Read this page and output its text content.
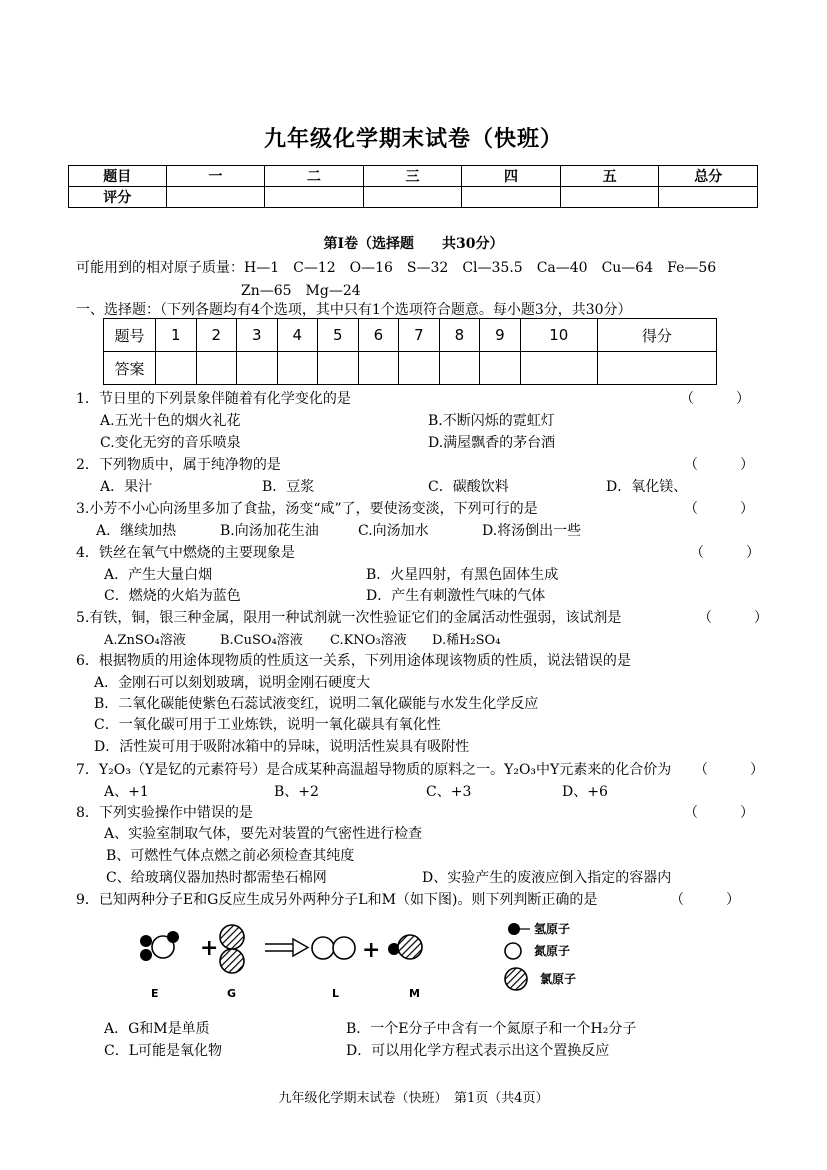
九年级化学期末试卷（快班）
题目	一	二	三	四	五	总分
评分						
第Ⅰ卷（选择题　　共30分）
可能用到的相对原子质量：H—1　C—12　O—16　S—32　Cl—35.5　Ca—40　Cu—64　Fe—56
Zn—65　Mg—24
一、选择题：（下列各题均有4个选项，其中只有1个选项符合题意。每小题3分，共30分）
题号	1	2	3	4	5	6	7	8	9	10	得分
答案											
1．节日里的下列景象伴随着有化学变化的是	（　　　）
A.五光十色的烟火礼花	B.不断闪烁的霓虹灯
C.变化无穷的音乐喷泉	D.满屋飘香的茅台酒
2．下列物质中，属于纯净物的是	（　　　）
A．果汁	B．豆浆	C．碳酸饮料	D．氧化镁、
3.小芳不小心向汤里多加了食盐，汤变“咸”了，要使汤变淡，下列可行的是	（　　　）
A．继续加热	B.向汤加花生油	C.向汤加水	D.将汤倒出一些
4．铁丝在氧气中燃烧的主要现象是	（　　　）
A．产生大量白烟	B．火星四射，有黑色固体生成
C．燃烧的火焰为蓝色	D．产生有刺激性气味的气体
5.有铁，铜，银三种金属，限用一种试剂就一次性验证它们的金属活动性强弱，该试剂是	（　　　）
A.ZnSO₄溶液	B.CuSO₄溶液 C.KNO₃溶液 D.稀H₂SO₄
6．根据物质的用途体现物质的性质这一关系，下列用途体现该物质的性质，说法错误的是
A．金刚石可以刻划玻璃，说明金刚石硬度大
B．二氧化碳能使紫色石蕊试液变红，说明二氧化碳能与水发生化学反应
C．一氧化碳可用于工业炼铁，说明一氧化碳具有氧化性
D．活性炭可用于吸附冰箱中的异味，说明活性炭具有吸附性
7．Y₂O₃（Y是钇的元素符号）是合成某种高温超导物质的原料之一。Y₂O₃中Y元素来的化合价为 （　　　）
A、+1	B、+2	C、+3	D、+6
8．下列实验操作中错误的是	（　　　）
A、实验室制取气体，要先对装置的气密性进行检查
B、可燃性气体点燃之前必须检查其纯度
C、给玻璃仪器加热时都需垫石棉网	D、实验产生的废液应倒入指定的容器内
9．已知两种分子E和G反应生成另外两种分子L和M（如下图)。则下列判断正确的是	（　　　）
+	+
氢原子
氮原子
氯原子
E	G	L	M
A．G和M是单质	B．一个E分子中含有一个氮原子和一个H₂分子
C．L可能是氧化物	D．可以用化学方程式表示出这个置换反应
九年级化学期末试卷（快班）　第1页（共4页）
